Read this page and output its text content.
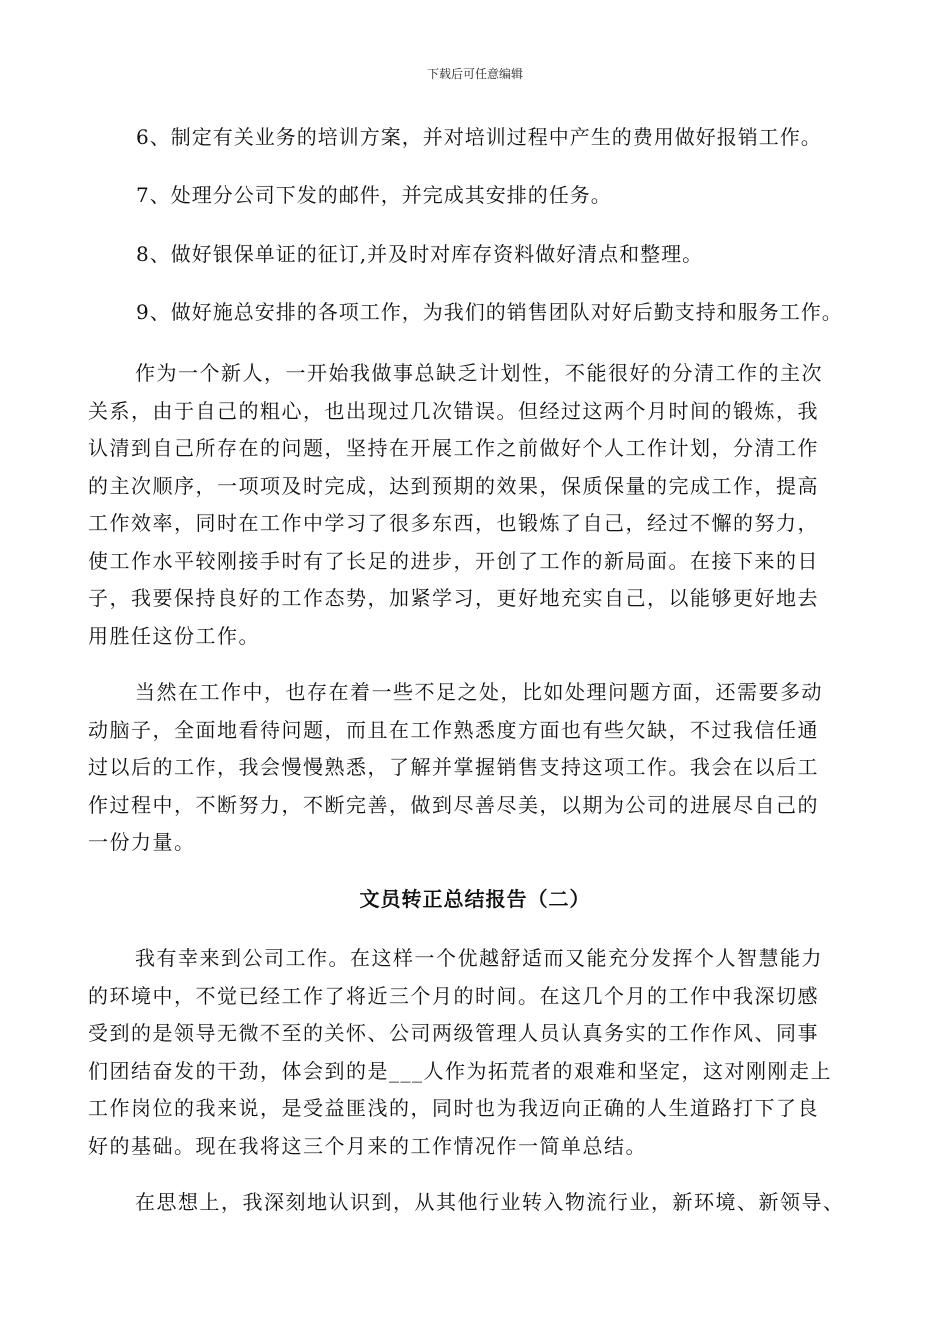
下载后可任意编辑
6、制定有关业务的培训方案，并对培训过程中产生的费用做好报销工作。
7、处理分公司下发的邮件，并完成其安排的任务。
8、做好银保单证的征订,并及时对库存资料做好清点和整理。
9、做好施总安排的各项工作，为我们的销售团队对好后勤支持和服务工作。
作为一个新人，一开始我做事总缺乏计划性，不能很好的分清工作的主次
关系，由于自己的粗心，也出现过几次错误。但经过这两个月时间的锻炼，我
认清到自己所存在的问题，坚持在开展工作之前做好个人工作计划，分清工作
的主次顺序，一项项及时完成，达到预期的效果，保质保量的完成工作，提高
工作效率，同时在工作中学习了很多东西，也锻炼了自己，经过不懈的努力，
使工作水平较刚接手时有了长足的进步，开创了工作的新局面。在接下来的日
子，我要保持良好的工作态势，加紧学习，更好地充实自己，以能够更好地去
用胜任这份工作。
当然在工作中，也存在着一些不足之处，比如处理问题方面，还需要多动
动脑子，全面地看待问题，而且在工作熟悉度方面也有些欠缺，不过我信任通
过以后的工作，我会慢慢熟悉，了解并掌握销售支持这项工作。我会在以后工
作过程中，不断努力，不断完善，做到尽善尽美，以期为公司的进展尽自己的
一份力量。
文员转正总结报告（二）
我有幸来到公司工作。在这样一个优越舒适而又能充分发挥个人智慧能力
的环境中，不觉已经工作了将近三个月的时间。在这几个月的工作中我深切感
受到的是领导无微不至的关怀、公司两级管理人员认真务实的工作作风、同事
们团结奋发的干劲，体会到的是___人作为拓荒者的艰难和坚定，这对刚刚走上
工作岗位的我来说，是受益匪浅的，同时也为我迈向正确的人生道路打下了良
好的基础。现在我将这三个月来的工作情况作一简单总结。
在思想上，我深刻地认识到，从其他行业转入物流行业，新环境、新领导、
